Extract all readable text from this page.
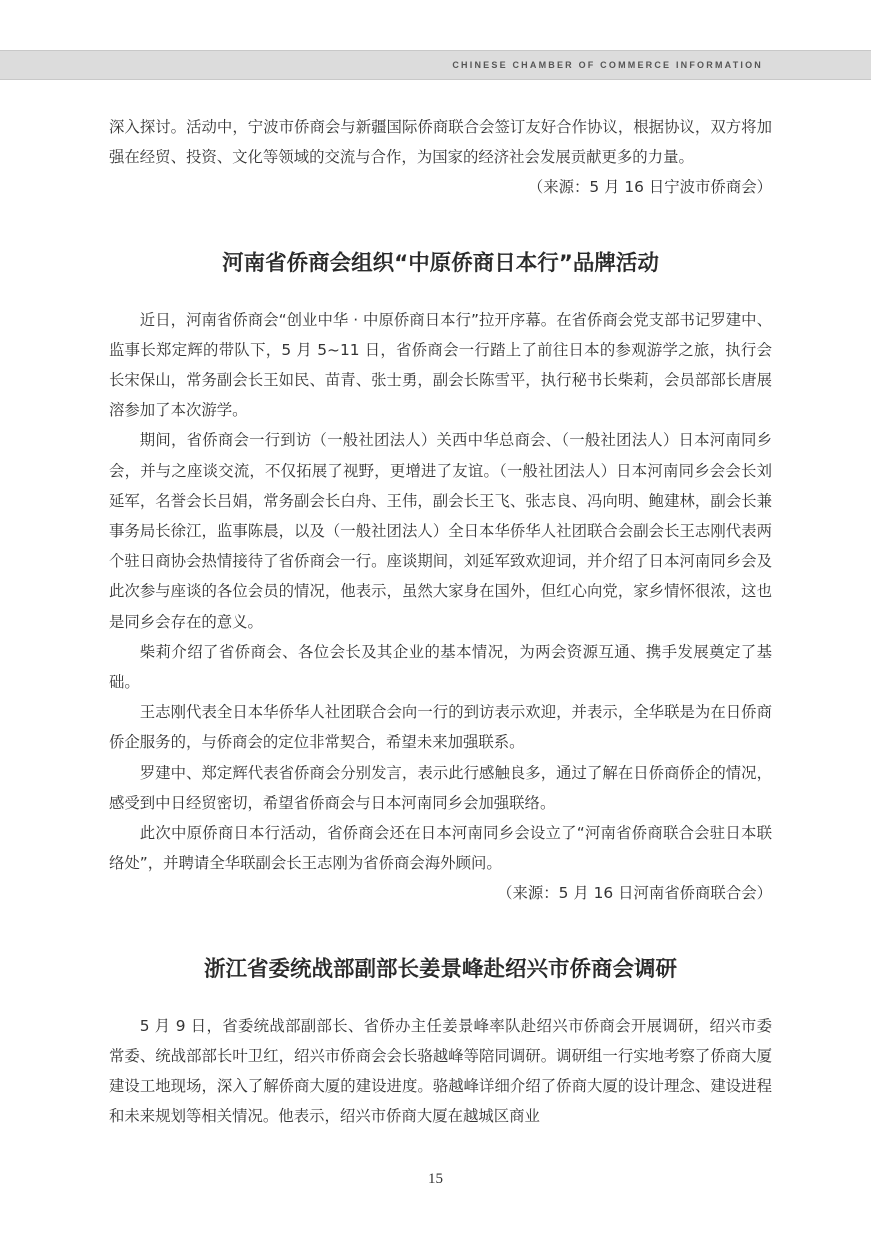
CHINESE CHAMBER OF COMMERCE INFORMATION

深入探讨。活动中，宁波市侨商会与新疆国际侨商联合会签订友好合作协议，根据协议，双方将加强在经贸、投资、文化等领域的交流与合作，为国家的经济社会发展贡献更多的力量。

（来源：5 月 16 日宁波市侨商会）

河南省侨商会组织“中原侨商日本行”品牌活动

近日，河南省侨商会“创业中华 · 中原侨商日本行”拉开序幕。在省侨商会党支部书记罗建中、监事长郑定辉的带队下，5 月 5~11 日，省侨商会一行踏上了前往日本的参观游学之旅，执行会长宋保山，常务副会长王如民、苗青、张士勇，副会长陈雪平，执行秘书长柴莉，会员部部长唐展溶参加了本次游学。

期间，省侨商会一行到访（一般社团法人）关西中华总商会、（一般社团法人）日本河南同乡会，并与之座谈交流，不仅拓展了视野，更增进了友谊。（一般社团法人）日本河南同乡会会长刘延军，名誉会长吕娟，常务副会长白舟、王伟，副会长王飞、张志良、冯向明、鲍建林，副会长兼事务局长徐江，监事陈晨，以及（一般社团法人）全日本华侨华人社团联合会副会长王志刚代表两个驻日商协会热情接待了省侨商会一行。座谈期间，刘延军致欢迎词，并介绍了日本河南同乡会及此次参与座谈的各位会员的情况，他表示，虽然大家身在国外，但红心向党，家乡情怀很浓，这也是同乡会存在的意义。

柴莉介绍了省侨商会、各位会长及其企业的基本情况，为两会资源互通、携手发展奠定了基础。

王志刚代表全日本华侨华人社团联合会向一行的到访表示欢迎，并表示，全华联是为在日侨商侨企服务的，与侨商会的定位非常契合，希望未来加强联系。

罗建中、郑定辉代表省侨商会分别发言，表示此行感触良多，通过了解在日侨商侨企的情况，感受到中日经贸密切，希望省侨商会与日本河南同乡会加强联络。

此次中原侨商日本行活动，省侨商会还在日本河南同乡会设立了“河南省侨商联合会驻日本联络处”，并聘请全华联副会长王志刚为省侨商会海外顾问。

（来源：5 月 16 日河南省侨商联合会）

浙江省委统战部副部长姜景峰赴绍兴市侨商会调研

5 月 9 日，省委统战部副部长、省侨办主任姜景峰率队赴绍兴市侨商会开展调研，绍兴市委常委、统战部部长叶卫红，绍兴市侨商会会长骆越峰等陪同调研。调研组一行实地考察了侨商大厦建设工地现场，深入了解侨商大厦的建设进度。骆越峰详细介绍了侨商大厦的设计理念、建设进程和未来规划等相关情况。他表示，绍兴市侨商大厦在越城区商业

15
